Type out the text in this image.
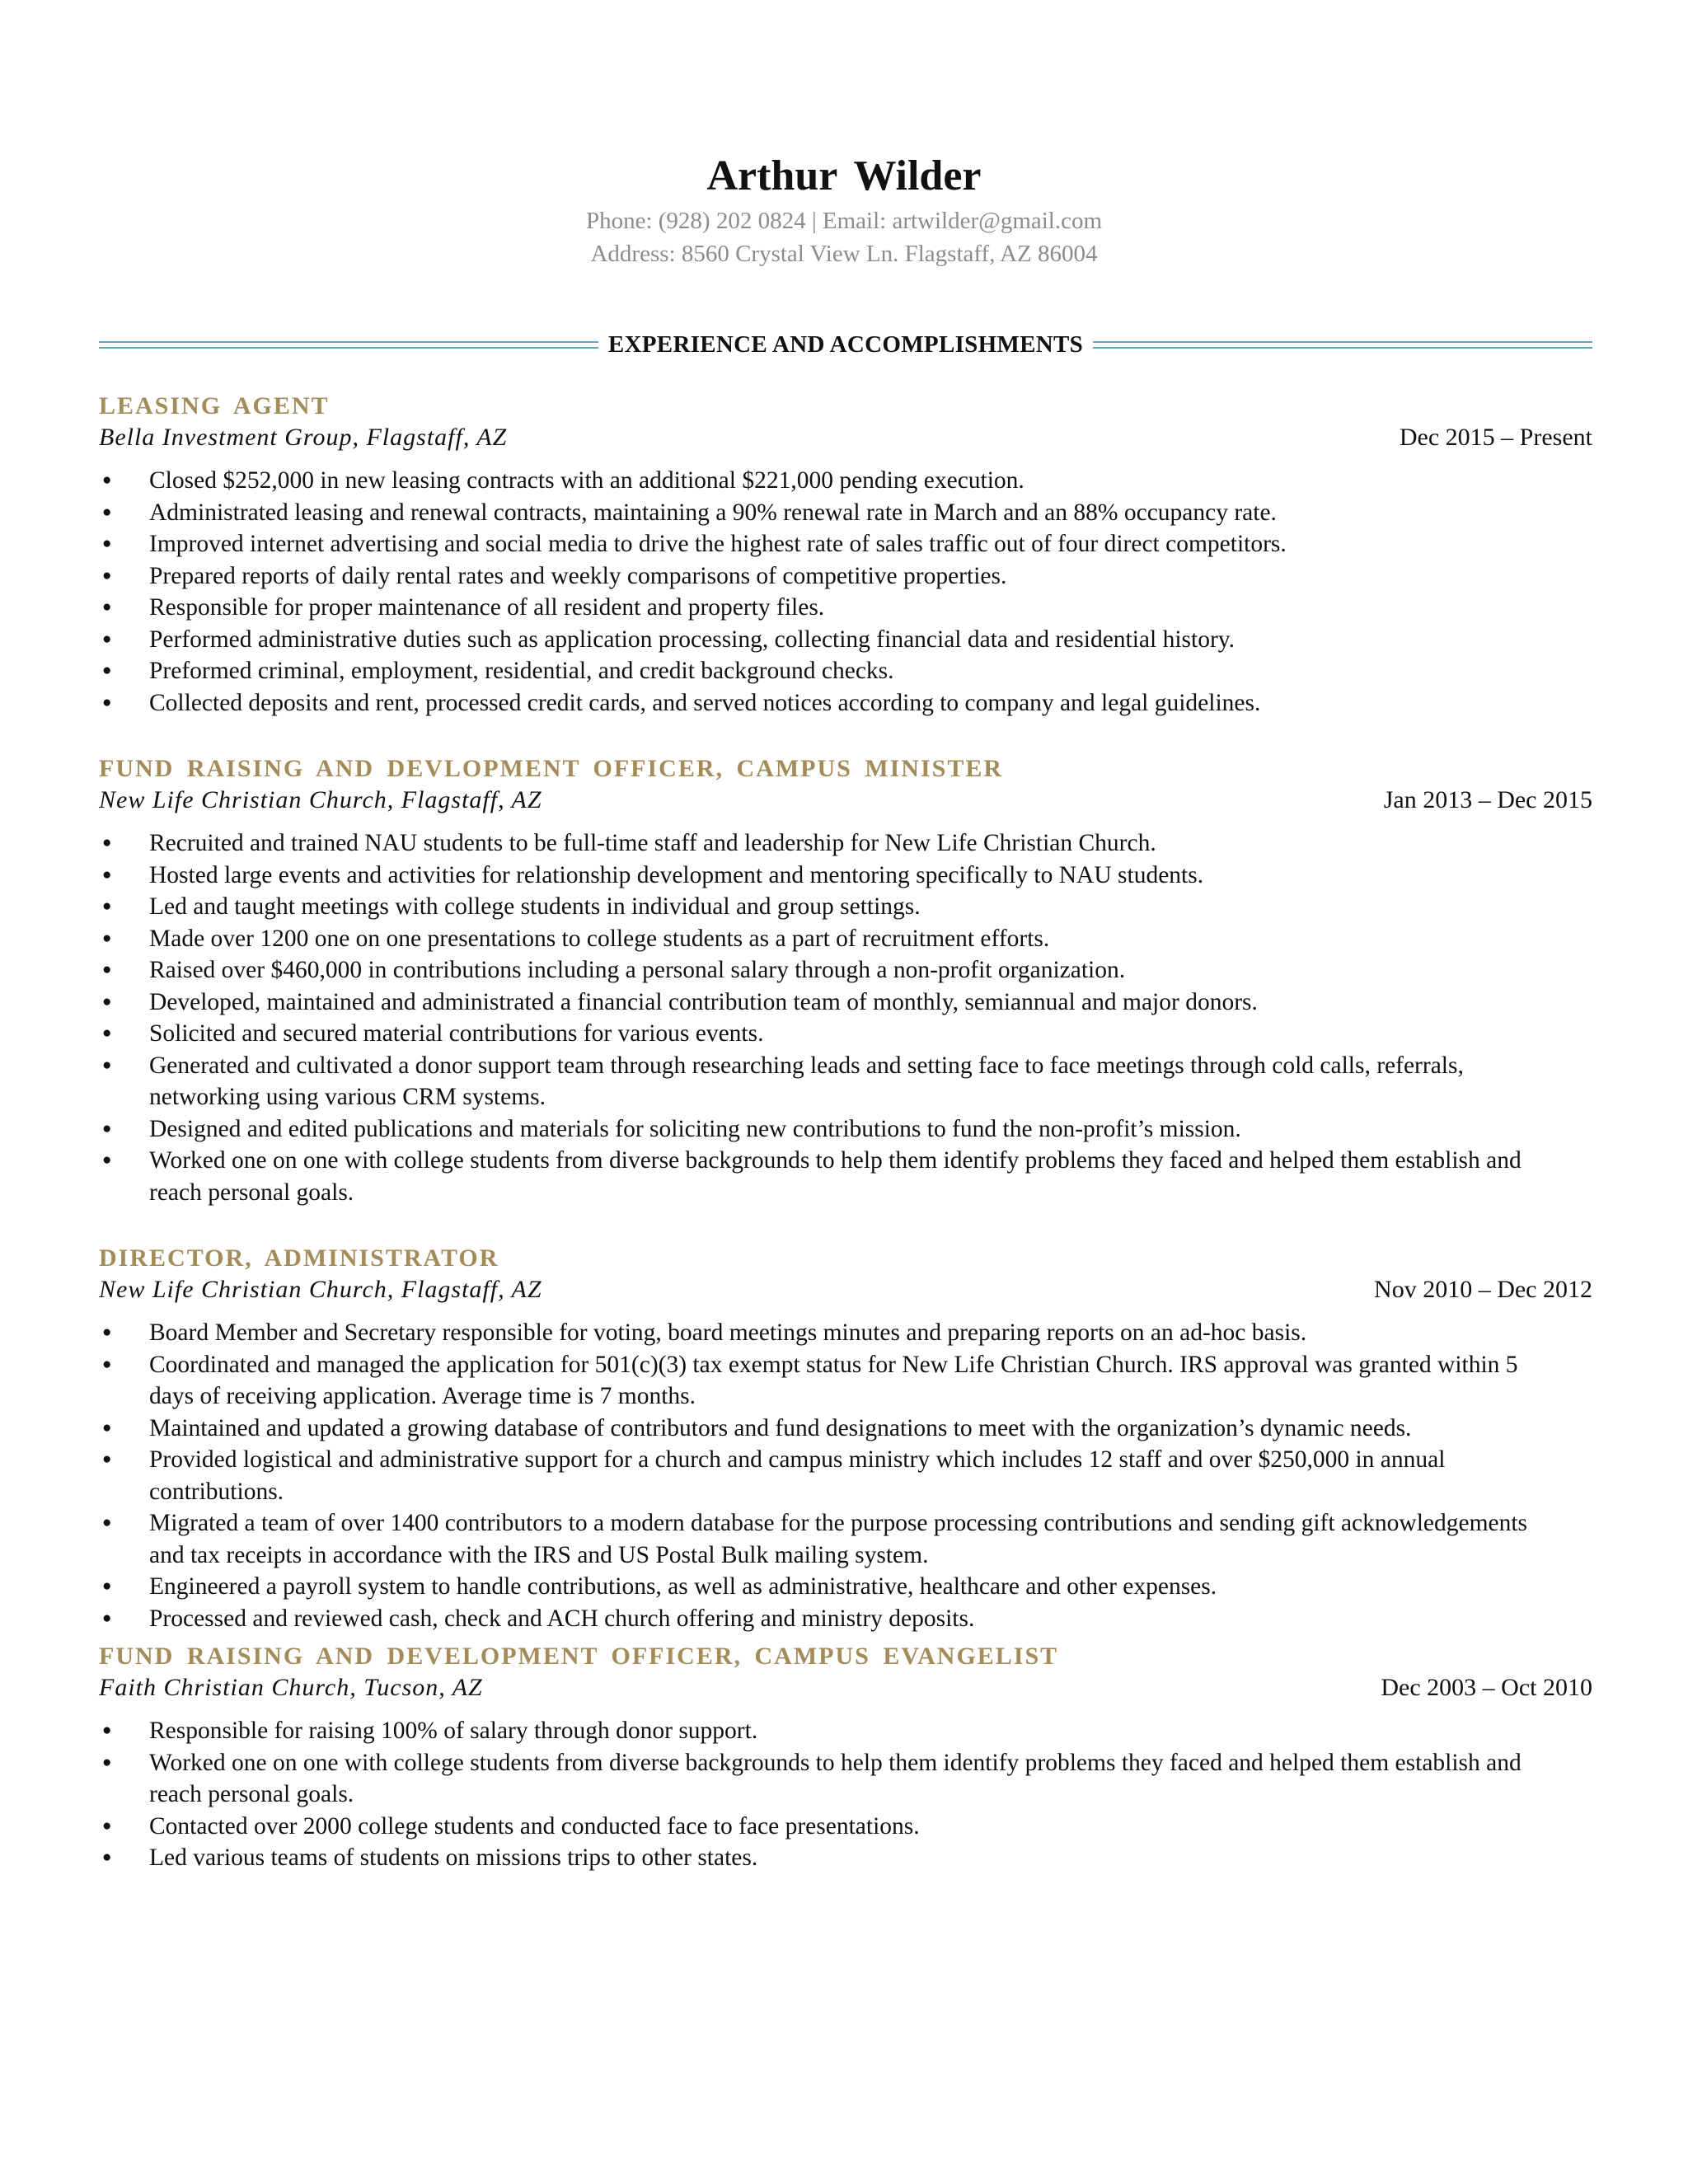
Arthur Wilder
Phone: (928) 202 0824 | Email: artwilder@gmail.com
Address: 8560 Crystal View Ln. Flagstaff, AZ 86004
EXPERIENCE AND ACCOMPLISHMENTS
LEASING AGENT
Bella Investment Group, Flagstaff, AZ	Dec 2015 – Present
● Closed $252,000 in new leasing contracts with an additional $221,000 pending execution.
● Administrated leasing and renewal contracts, maintaining a 90% renewal rate in March and an 88% occupancy rate.
● Improved internet advertising and social media to drive the highest rate of sales traffic out of four direct competitors.
● Prepared reports of daily rental rates and weekly comparisons of competitive properties.
● Responsible for proper maintenance of all resident and property files.
● Performed administrative duties such as application processing, collecting financial data and residential history.
● Preformed criminal, employment, residential, and credit background checks.
● Collected deposits and rent, processed credit cards, and served notices according to company and legal guidelines.
FUND RAISING AND DEVLOPMENT OFFICER, CAMPUS MINISTER
New Life Christian Church, Flagstaff, AZ	Jan 2013 – Dec 2015
● Recruited and trained NAU students to be full-time staff and leadership for New Life Christian Church.
● Hosted large events and activities for relationship development and mentoring specifically to NAU students.
● Led and taught meetings with college students in individual and group settings.
● Made over 1200 one on one presentations to college students as a part of recruitment efforts.
● Raised over $460,000 in contributions including a personal salary through a non-profit organization.
● Developed, maintained and administrated a financial contribution team of monthly, semiannual and major donors.
● Solicited and secured material contributions for various events.
● Generated and cultivated a donor support team through researching leads and setting face to face meetings through cold calls, referrals, networking using various CRM systems.
● Designed and edited publications and materials for soliciting new contributions to fund the non-profit’s mission.
● Worked one on one with college students from diverse backgrounds to help them identify problems they faced and helped them establish and reach personal goals.
DIRECTOR, ADMINISTRATOR
New Life Christian Church, Flagstaff, AZ	Nov 2010 – Dec 2012
● Board Member and Secretary responsible for voting, board meetings minutes and preparing reports on an ad-hoc basis.
● Coordinated and managed the application for 501(c)(3) tax exempt status for New Life Christian Church. IRS approval was granted within 5 days of receiving application. Average time is 7 months.
● Maintained and updated a growing database of contributors and fund designations to meet with the organization’s dynamic needs.
● Provided logistical and administrative support for a church and campus ministry which includes 12 staff and over $250,000 in annual contributions.
● Migrated a team of over 1400 contributors to a modern database for the purpose processing contributions and sending gift acknowledgements and tax receipts in accordance with the IRS and US Postal Bulk mailing system.
● Engineered a payroll system to handle contributions, as well as administrative, healthcare and other expenses.
● Processed and reviewed cash, check and ACH church offering and ministry deposits.
FUND RAISING AND DEVELOPMENT OFFICER, CAMPUS EVANGELIST
Faith Christian Church, Tucson, AZ	Dec 2003 – Oct 2010
● Responsible for raising 100% of salary through donor support.
● Worked one on one with college students from diverse backgrounds to help them identify problems they faced and helped them establish and reach personal goals.
● Contacted over 2000 college students and conducted face to face presentations.
● Led various teams of students on missions trips to other states.
